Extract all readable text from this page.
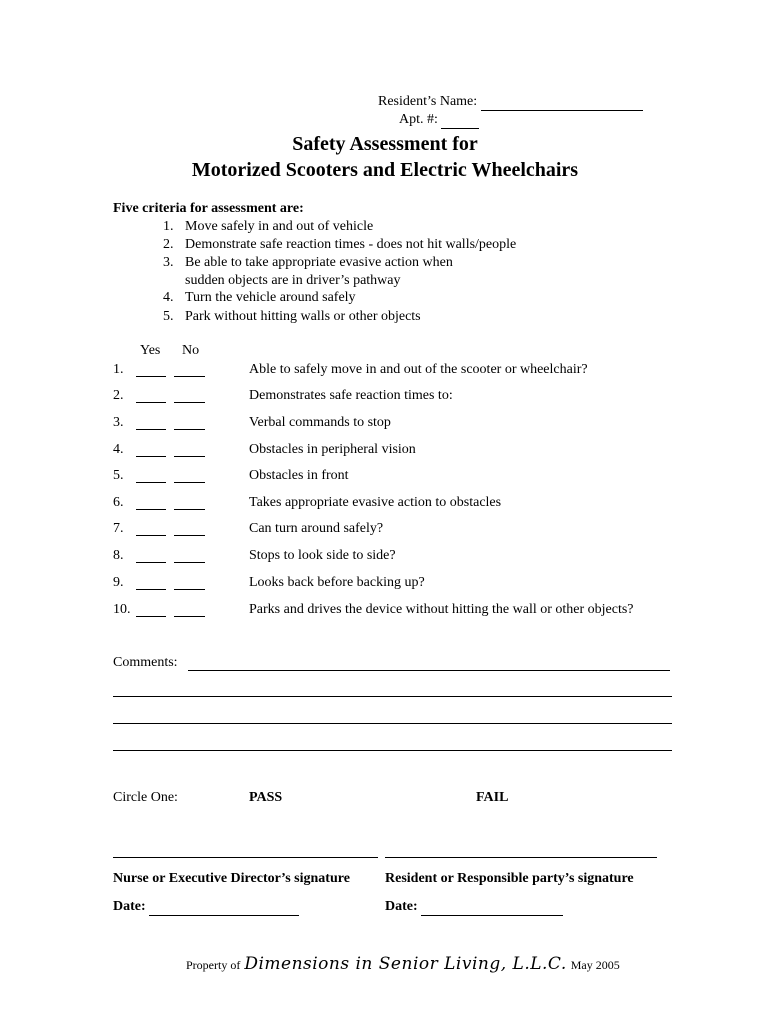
Resident’s Name:
Apt. #:
Safety Assessment for
Motorized Scooters and Electric Wheelchairs
Five criteria for assessment are:
1. Move safely in and out of vehicle
2. Demonstrate safe reaction times - does not hit walls/people
3. Be able to take appropriate evasive action when
sudden objects are in driver’s pathway
4. Turn the vehicle around safely
5. Park without hitting walls or other objects
Yes No
1.	Able to safely move in and out of the scooter or wheelchair?
2.	Demonstrates safe reaction times to:
3.	Verbal commands to stop
4.	Obstacles in peripheral vision
5.	Obstacles in front
6.	Takes appropriate evasive action to obstacles
7.	Can turn around safely?
8.	Stops to look side to side?
9.	Looks back before backing up?
10.	Parks and drives the device without hitting the wall or other objects?
Comments:
Circle One:	PASS	FAIL
Nurse or Executive Director’s signature	Resident or Responsible party’s signature
Date:	Date:
Property of Dimensions in Senior Living, L.L.C. May 2005
